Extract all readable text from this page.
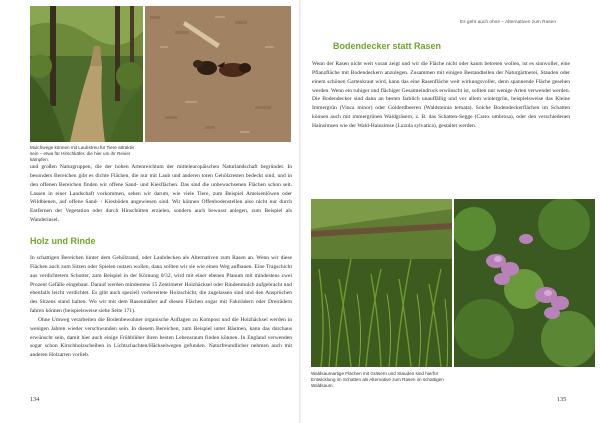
Mulchwege können mit Laubstreu für Tiere attraktiv sein – etwa für Hirschkäfer, die hier um ihr Revier kämpfen.

und großen Naturgruppen, die der hohen Artenreichtum der mitteleuropäischen Naturlandschaft begründet. In besonders Bereichen gibt es dichte Flächen, die nur mit Laub und anderen toten Gehölzresten bedeckt sind, und in den offenen Bereichen finden wir offene Sand- und Kiesflächen. Das sind die unbewachsenen Flächen schon seit. Lassen in einer Landschaft vorkommen, sehen wir darum, wie viele Tiere, zum Beispiel Ameisenlöwen oder Wildbienen, auf offene Sand- / Kiesböden angewiesen sind. Wir können Offenbodenstellen also nicht nur durch Entfernen der Vegetation oder durch Hinschütten erzielen, sondern auch bewusst anlegen, zum Beispiel als Wanderinsel.

Holz und Rinde

In schattigen Bereichen hinter dem Gehölzrand, oder Laubdecken als Alternativen zum Rasen an. Wenn wir diese Flächen auch zum Sitzen oder Spielen nutzen wollen, dann sollten wir sie wie einen Weg aufbauen. Eine Tragschicht aus verdichtetem Schotter, zum Beispiel in der Körnung 0/32, wird mit einer ebenen Planum mit mindestens zwei Prozent Gefälle eingebaut. Darauf werden mindestens 15 Zentimeter Holzhäcksel oder Rindenmulch aufgebracht und ebenfalls leicht verdichtet. Es gibt auch speziell vorbereitete Holzschicht, die zugelassen sind und den Ansprüchen des Sitzens stand halten. Wo wir mit dem Rasenmäher auf diesen Flächen sogar mit Fahrrädern oder Dreirädern fahren können (beispielsweise siehe Seite 171).

Ohne Umweg verarbeiten die Bodenbewohner organische Auflagen zu Kompost und die Holzhäcksel werden in wenigen Jahren wieder verschwunden sein. In diesem Bereichen, zum Beispiel unter Bäumen, kann das durchaus erwünscht sein, damit hier auch einige Frühblüher ihren besten Lebensraum finden können. In England verwenden sogar schon Kirschholzscheiben in Lichtschachten/Häckselwegen gefunden. Naturfreundlicher nehmen auch mit anderen Holzarten vorlieb.

134
Es geht auch ohne – Alternativen zum Rasen
Bodendecker statt Rasen

Wenn der Rasen nicht weit voran zeigt und wir die Fläche nicht oder kaum betreten wollen, ist es sinnvoller, eine Pflanzfläche mit Bodendeckern anzulegen. Zusammen mit einigen Bestandteilen der Naturgärtnerei, Stauden oder einem schönen Gartenkraut wird, kann das eine Rasenfläche weit wirkungsvoller, denn spannende Fläche gesehen werden. Wenn ein ruhiger und flächiger Gesamteindruck erwünscht ist, sollten nur wenige Arten verwendet werden. Die Bodendecker sind dann an besten farblich unauffällig und vor allem wintergrün, beispielsweise das Kleine Immergrün (Vinca minor) oder Golderdbeeren (Waldsteinia ternata). Solche Bodendeckerflächen im Schatten können auch mit immergrünen Waldgräsern, z. B. das Schatten-Segge (Carex umbrosa), oder den verschiedenen Hainsimsen wie der Wald-Hainsimse (Luzula sylvatica), gestaltet werden.

Waldsaumartige Flächen mit Gräsern und Stauden sind hierfür Entwicklung im Schatten als Alternative zum Rasen im schattigen Waldsaum.
135
